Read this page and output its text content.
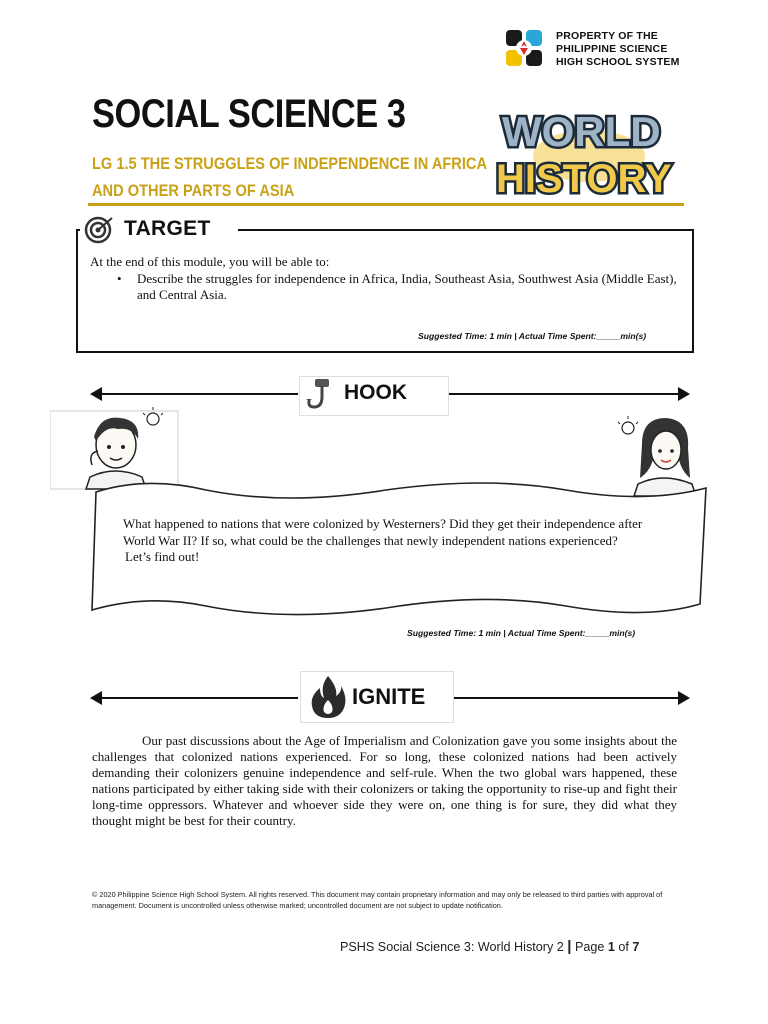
PROPERTY OF THE
PHILIPPINE SCIENCE
HIGH SCHOOL SYSTEM
SOCIAL SCIENCE 3
LG 1.5 THE STRUGGLES OF INDEPENDENCE IN AFRICA
AND OTHER PARTS OF ASIA
WORLD
HISTORY
TARGET
At the end of this module, you will be able to:
• Describe the struggles for independence in Africa, India, Southeast Asia, Southwest Asia (Middle East), and Central Asia.
Suggested Time: 1 min | Actual Time Spent:_____min(s)
HOOK
What happened to nations that were colonized by Westerners? Did they get their independence after
World War II? If so, what could be the challenges that newly independent nations experienced?
Let’s find out!
Suggested Time: 1 min | Actual Time Spent:_____min(s)
IGNITE

Our past discussions about the Age of Imperialism and Colonization gave you some insights about the challenges that colonized nations experienced. For so long, these colonized nations had been actively demanding their colonizers genuine independence and self-rule. When the two global wars happened, these nations participated by either taking side with their colonizers or taking the opportunity to rise-up and fight their long-time oppressors. Whatever and whoever side they were on, one thing is for sure, they did what they thought might be best for their country.

© 2020 Philippine Science High School System. All rights reserved. This document may contain proprietary information and may only be released to third parties with approval of management. Document is uncontrolled unless otherwise marked; uncontrolled document are not subject to update notification.
PSHS Social Science 3: World History 2 | Page 1 of 7
